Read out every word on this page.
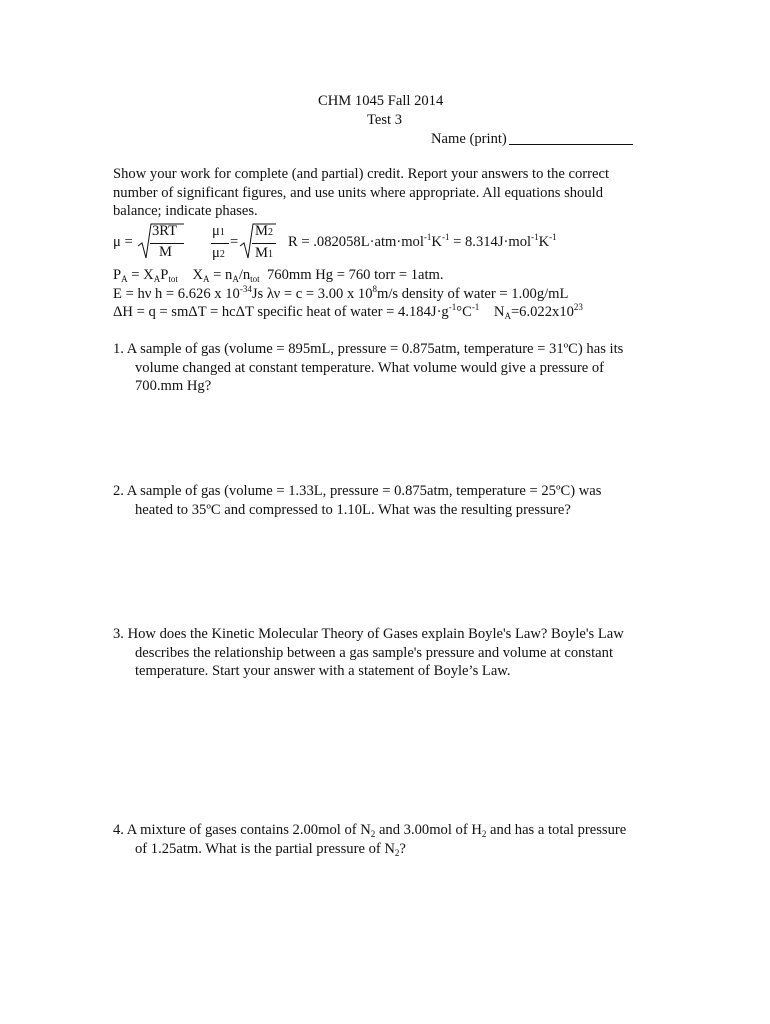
CHM 1045 Fall 2014
Test 3
Name (print)
Show your work for complete (and partial) credit. Report your answers to the correct number of significant figures, and use units where appropriate. All equations should balance; indicate phases.
μ =
3RT
M
μ1
μ2
=
M2
M1
$R = .082058L\cdot atm\cdot mol^{-1}K^{-1} = 8.314J\cdot mol^{-1}K^{-1}$
$P_A = X_AP_{tot}$ $X_A = n_A/n_{tot}$ 760mm Hg = 760 torr = 1atm.
E = hν h = 6.626 x $10^{-34}Js$ λν = c = 3.00 x $10^8m/s$ density of water = 1.00g/mL
ΔH = q = smΔT = hcΔT specific heat of water = $4.184J\cdot g^{-1}^\circ C^{-1}$ $N_A=6.022x10^{23}$
1. A sample of gas (volume = 895mL, pressure = 0.875atm, temperature = 31ºC) has its
volume changed at constant temperature. What volume would give a pressure of 700.mm Hg?
2. A sample of gas (volume = 1.33L, pressure = 0.875atm, temperature = 25ºC) was
heated to 35ºC and compressed to 1.10L. What was the resulting pressure?
3. How does the Kinetic Molecular Theory of Gases explain Boyle's Law? Boyle's Law
describes the relationship between a gas sample's pressure and volume at constant temperature. Start your answer with a statement of Boyle’s Law.
4. A mixture of gases contains 2.00mol of $N_2$ and 3.00mol of $H_2$ and has a total pressure
of 1.25atm. What is the partial pressure of $N_2$?
